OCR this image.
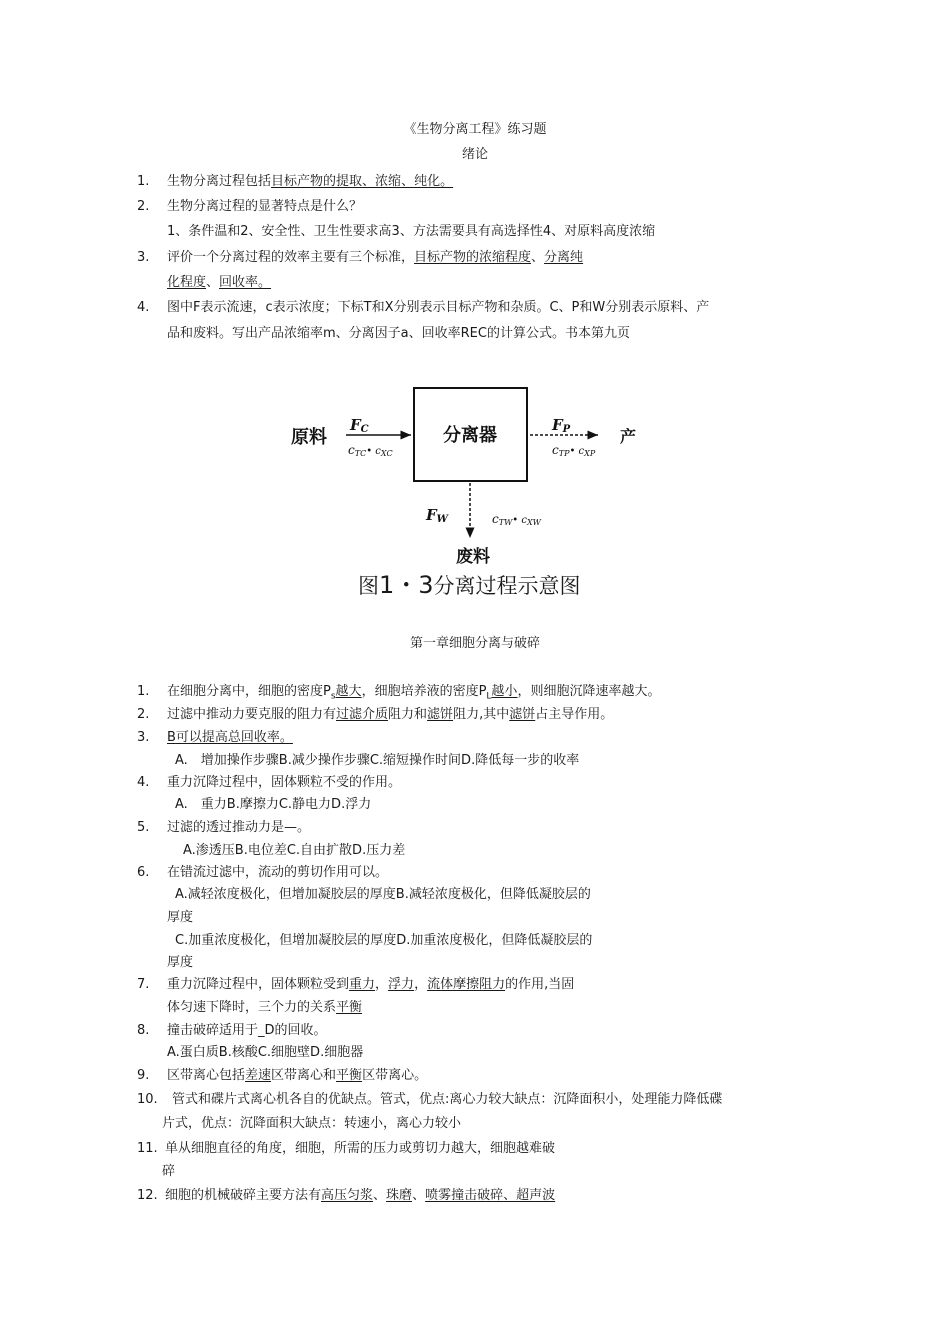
《生物分离工程》练习题
绪论
1. 生物分离过程包括目标产物的提取、浓缩、纯化。
2. 生物分离过程的显著特点是什么？
1、条件温和2、安全性、卫生性要求高3、方法需要具有高选择性4、对原料高度浓缩
3. 评价一个分离过程的效率主要有三个标准，目标产物的浓缩程度、分离纯
化程度、回收率。
4. 图中F表示流速，c表示浓度；下标T和X分别表示目标产物和杂质。C、P和W分别表示原料、产
品和废料。写出产品浓缩率m、分离因子a、回收率REC的计算公式。书本第九页
分离器
原料
FC
cTC• cXC
FP
cTP• cXP
产
FW	cTW• cXW
废料
图1・3分离过程示意图
第一章细胞分离与破碎
1. 在细胞分离中，细胞的密度$P_s$越大，细胞培养液的密度$P_L$越小，则细胞沉降速率越大。
2. 过滤中推动力要克服的阻力有过滤介质阻力和滤饼阻力,其中滤饼占主导作用。
3. B可以提高总回收率。
A. 增加操作步骤B.减少操作步骤C.缩短操作时间D.降低每一步的收率
4. 重力沉降过程中，固体颗粒不受的作用。
A. 重力B.摩擦力C.静电力D.浮力
5. 过滤的透过推动力是—。
A.渗透压B.电位差C.自由扩散D.压力差
6. 在错流过滤中，流动的剪切作用可以。
A.减轻浓度极化，但增加凝胶层的厚度B.减轻浓度极化，但降低凝胶层的
厚度
C.加重浓度极化，但增加凝胶层的厚度D.加重浓度极化，但降低凝胶层的
厚度
7. 重力沉降过程中，固体颗粒受到重力，浮力，流体摩擦阻力的作用,当固
体匀速下降时，三个力的关系平衡
8. 撞击破碎适用于_D的回收。
A.蛋白质B.核酸C.细胞壁D.细胞器
9. 区带离心包括差速区带离心和平衡区带离心。
10. 管式和碟片式离心机各自的优缺点。管式，优点:离心力较大缺点：沉降面积小，处理能力降低碟
片式，优点：沉降面积大缺点：转速小，离心力较小
11. 单从细胞直径的角度，细胞，所需的压力或剪切力越大，细胞越难破
碎
12. 细胞的机械破碎主要方法有高压匀浆、珠磨、喷雾撞击破碎、超声波
